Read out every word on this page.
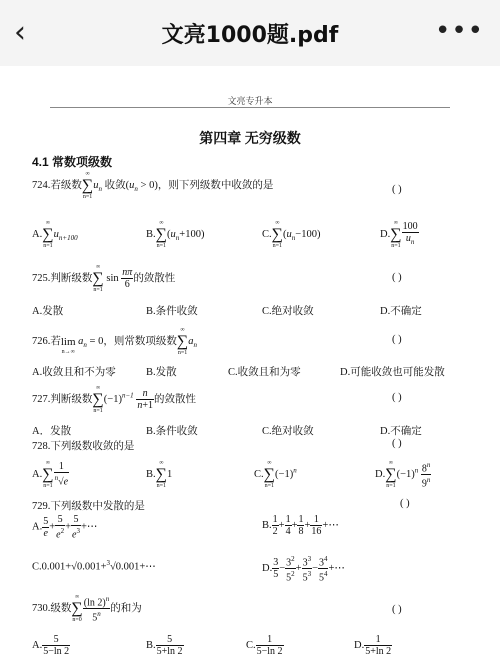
‹	文亮1000题.pdf	•••
文亮专升本
第四章 无穷级数
4.1 常数项级数
724.若级数
∞
∑
n=1
$u_n$ 收敛$(u_n > 0)$，则下列级数中收敛的是	( )
A.
∞
∑
n=1
$u_{n+100}$	B.
∞
∑
n=1
$(u_n+100)$	C.
∞
∑
n=1
$(u_n-100)$	D.
∞
∑
$n=1 \frac{100}{u_n}$
725.判断级数
∞
∑
n=1
$\sin \frac{n\pi}{6}$ 的敛散性	( )
A.发散	B.条件收敛	C.绝对收敛	D.不确定
726.若
lim
n→∞
$a_n = 0$，则常数项级数
∞
∑
n=1
$a_n$	( )
A.收敛且和不为零	B.发散	C.收敛且和为零	D.可能收敛也可能发散
727.判断级数
∞
∑
n=1
$(-1)^{n-1} \frac{n}{n+1}$ 的敛散性	( )
A．发散	B.条件收敛	C.绝对收敛	D.不确定
728.下列级数收敛的是	( )
A.
∞
∑
$n=1 \frac{1}{^n√e}$	B.
∞
∑
n=1
1	C.
∞
∑
n=1
$(-1)^n$	D.
∞
∑
n=1
$(-1)^n \frac{8^n}{9^n}$
729.下列级数中发散的是	( )
A. $\frac{5}{e} + \frac{5}{e^2} + \frac{5}{e^3}$ +⋯	B. $\frac{1}{2} + \frac{1}{4} + \frac{1}{8} + \frac{1}{16}$ +⋯
C.0.001+√0.001+$^3$√0.001+⋯	D. $\frac{3}{5} - \frac{3^2}{5^2} + \frac{3^3}{5^3} - \frac{3^4}{5^4}$ +⋯
730.级数
∞
∑
$n=0 \frac{(\ln 2)^n}{5^n}$ 的和为	( )
A. $\frac{5}{5-\ln 2}$	B. $\frac{5}{5+\ln 2}$	C. $\frac{1}{5-\ln 2}$	D. $\frac{1}{5+\ln 2}$
